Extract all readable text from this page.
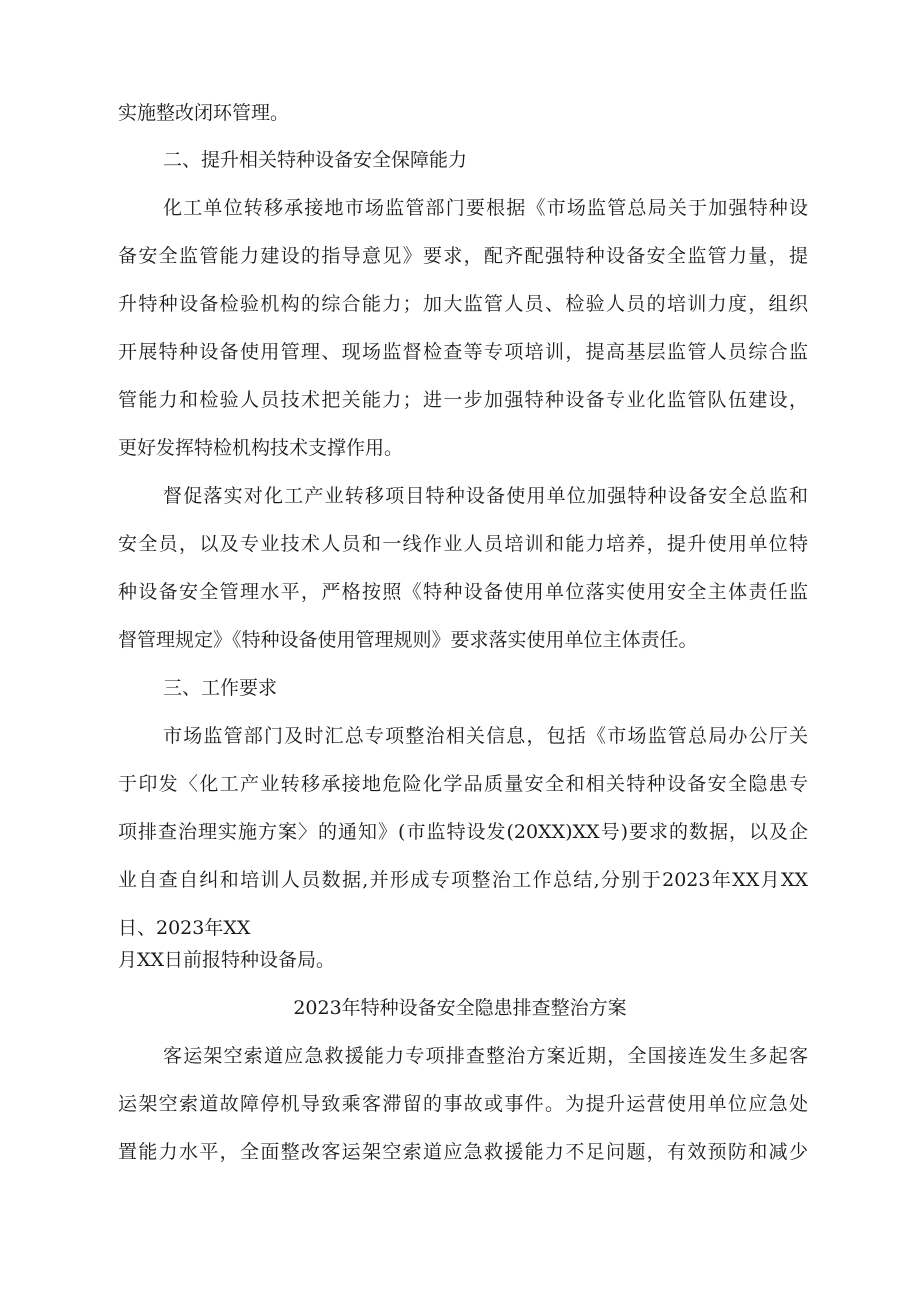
实施整改闭环管理。
二、提升相关特种设备安全保障能力
化工单位转移承接地市场监管部门要根据《市场监管总局关于加强特种设
备安全监管能力建设的指导意见》要求，配齐配强特种设备安全监管力量，提
升特种设备检验机构的综合能力；加大监管人员、检验人员的培训力度，组织
开展特种设备使用管理、现场监督检查等专项培训，提高基层监管人员综合监
管能力和检验人员技术把关能力；进一步加强特种设备专业化监管队伍建设，
更好发挥特检机构技术支撑作用。
督促落实对化工产业转移项目特种设备使用单位加强特种设备安全总监和
安全员，以及专业技术人员和一线作业人员培训和能力培养，提升使用单位特
种设备安全管理水平，严格按照《特种设备使用单位落实使用安全主体责任监
督管理规定》《特种设备使用管理规则》要求落实使用单位主体责任。
三、工作要求
市场监管部门及时汇总专项整治相关信息，包括《市场监管总局办公厅关
于印发〈化工产业转移承接地危险化学品质量安全和相关特种设备安全隐患专
项排查治理实施方案〉的通知》(市监特设发(20XX)XX号)要求的数据，以及企
业自查自纠和培训人员数据,并形成专项整治工作总结,分别于2023年XX月XX
日、2023年XX
月XX日前报特种设备局。
2023年特种设备安全隐患排查整治方案
客运架空索道应急救援能力专项排查整治方案近期，全国接连发生多起客
运架空索道故障停机导致乘客滞留的事故或事件。为提升运营使用单位应急处
置能力水平，全面整改客运架空索道应急救援能力不足问题，有效预防和减少
